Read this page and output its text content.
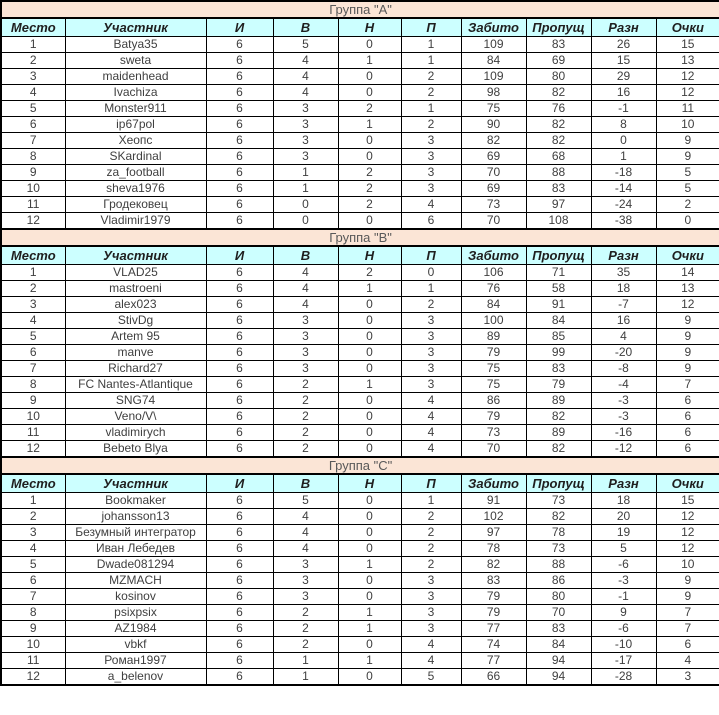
Группа "A"									
Место	Участник	И	В	Н	П	Забито	Пропущ	Разн	Очки
1	Batya35	6	5	0	1	109	83	26	15
2	sweta	6	4	1	1	84	69	15	13
3	maidenhead	6	4	0	2	109	80	29	12
4	Ivachiza	6	4	0	2	98	82	16	12
5	Monster911	6	3	2	1	75	76	-1	11
6	ip67pol	6	3	1	2	90	82	8	10
7	Хеопс	6	3	0	3	82	82	0	9
8	SKardinal	6	3	0	3	69	68	1	9
9	za_football	6	1	2	3	70	88	-18	5
10	sheva1976	6	1	2	3	69	83	-14	5
11	Гродековец	6	0	2	4	73	97	-24	2
12	Vladimir1979	6	0	0	6	70	108	-38	0
Группа "B"									
Место	Участник	И	В	Н	П	Забито	Пропущ	Разн	Очки
1	VLAD25	6	4	2	0	106	71	35	14
2	mastroeni	6	4	1	1	76	58	18	13
3	alex023	6	4	0	2	84	91	-7	12
4	StivDg	6	3	0	3	100	84	16	9
5	Artem 95	6	3	0	3	89	85	4	9
6	manve	6	3	0	3	79	99	-20	9
7	Richard27	6	3	0	3	75	83	-8	9
8	FC Nantes-Atlantique	6	2	1	3	75	79	-4	7
9	SNG74	6	2	0	4	86	89	-3	6
10	Veno/V\	6	2	0	4	79	82	-3	6
11	vladimirych	6	2	0	4	73	89	-16	6
12	Bebeto Blya	6	2	0	4	70	82	-12	6
Группа "C"									
Место	Участник	И	В	Н	П	Забито	Пропущ	Разн	Очки
1	Bookmaker	6	5	0	1	91	73	18	15
2	johansson13	6	4	0	2	102	82	20	12
3	Безумный интегратор	6	4	0	2	97	78	19	12
4	Иван Лебедев	6	4	0	2	78	73	5	12
5	Dwade081294	6	3	1	2	82	88	-6	10
6	MZMACH	6	3	0	3	83	86	-3	9
7	kosinov	6	3	0	3	79	80	-1	9
8	psixpsix	6	2	1	3	79	70	9	7
9	AZ1984	6	2	1	3	77	83	-6	7
10	vbkf	6	2	0	4	74	84	-10	6
11	Роман1997	6	1	1	4	77	94	-17	4
12	a_belenov	6	1	0	5	66	94	-28	3
